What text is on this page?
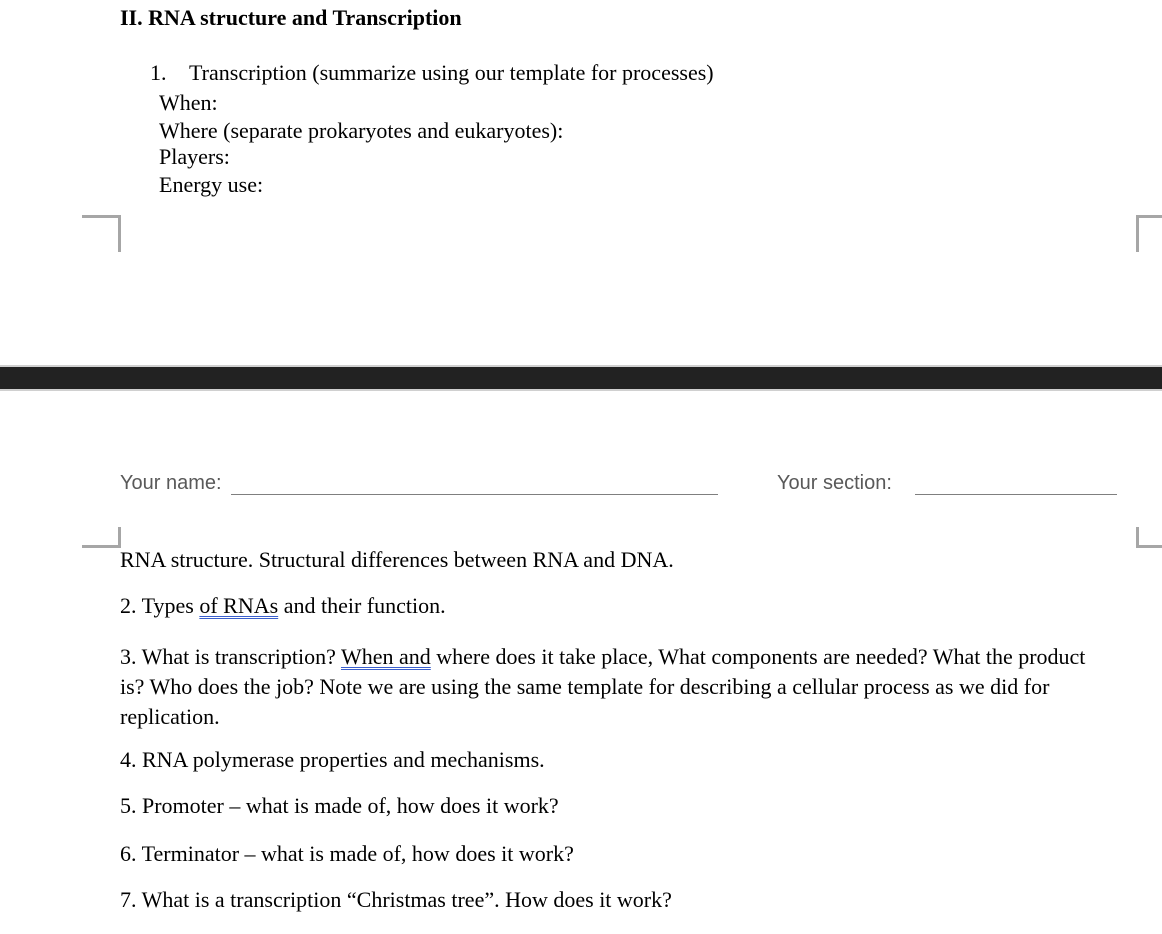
II. RNA structure and Transcription
1. Transcription (summarize using our template for processes)
When:
Where (separate prokaryotes and eukaryotes):
Players:
Energy use:
Your name:	Your section:
RNA structure. Structural differences between RNA and DNA.
2. Types of RNAs and their function.
3. What is transcription? When and where does it take place, What components are needed? What the product is? Who does the job? Note we are using the same template for describing a cellular process as we did for replication.
4. RNA polymerase properties and mechanisms.
5. Promoter – what is made of, how does it work?
6. Terminator – what is made of, how does it work?
7. What is a transcription “Christmas tree”. How does it work?
